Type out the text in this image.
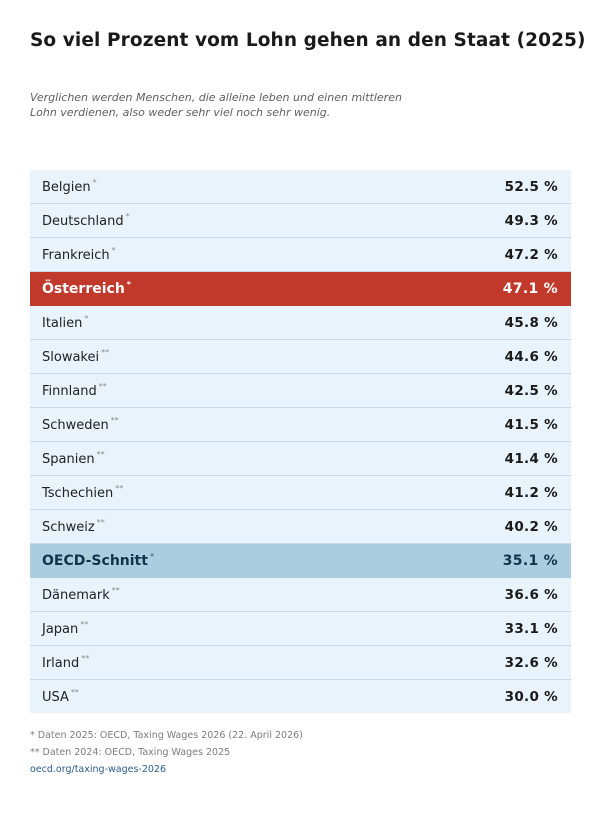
So viel Prozent vom Lohn gehen an den Staat (2025)

Verglichen werden Menschen, die alleine leben und einen mittleren Lohn verdienen, also weder sehr viel noch sehr wenig.

Belgien *	52.5 %
Deutschland *	49.3 %
Frankreich *	47.2 %
Österreich *	47.1 %
Italien *	45.8 %
Slowakei **	44.6 %
Finnland **	42.5 %
Schweden **	41.5 %
Spanien **	41.4 %
Tschechien **	41.2 %
Schweiz **	40.2 %
OECD-Schnitt *	35.1 %
Dänemark **	36.6 %
Japan **	33.1 %
Irland **	32.6 %
USA **	30.0 %
* Daten 2025: OECD, Taxing Wages 2026 (22. April 2026)
** Daten 2024: OECD, Taxing Wages 2025
oecd.org/taxing-wages-2026
